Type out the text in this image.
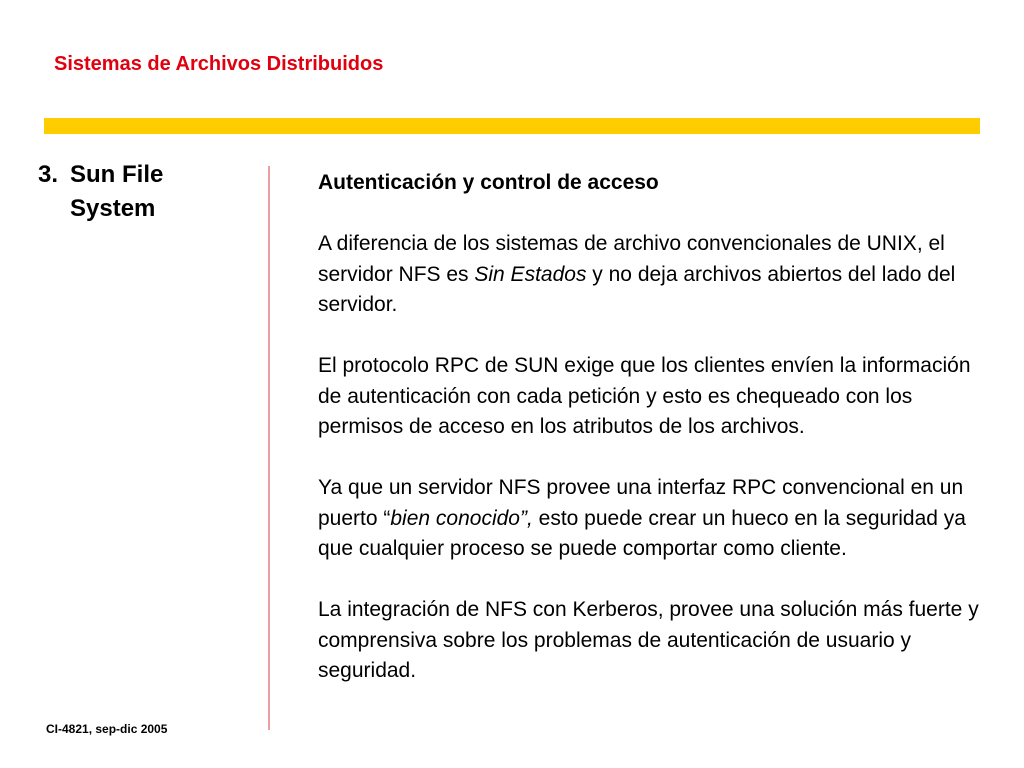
Sistemas de Archivos Distribuidos
3. Sun File
System
Autenticación y control de acceso

A diferencia de los sistemas de archivo convencionales de UNIX, el servidor NFS es Sin Estados y no deja archivos abiertos del lado del servidor.

El protocolo RPC de SUN exige que los clientes envíen la información de autenticación con cada petición y esto es chequeado con los permisos de acceso en los atributos de los archivos.

Ya que un servidor NFS provee una interfaz RPC convencional en un puerto “bien conocido”, esto puede crear un hueco en la seguridad ya que cualquier proceso se puede comportar como cliente.

La integración de NFS con Kerberos, provee una solución más fuerte y comprensiva sobre los problemas de autenticación de usuario y seguridad.

CI-4821, sep-dic 2005
